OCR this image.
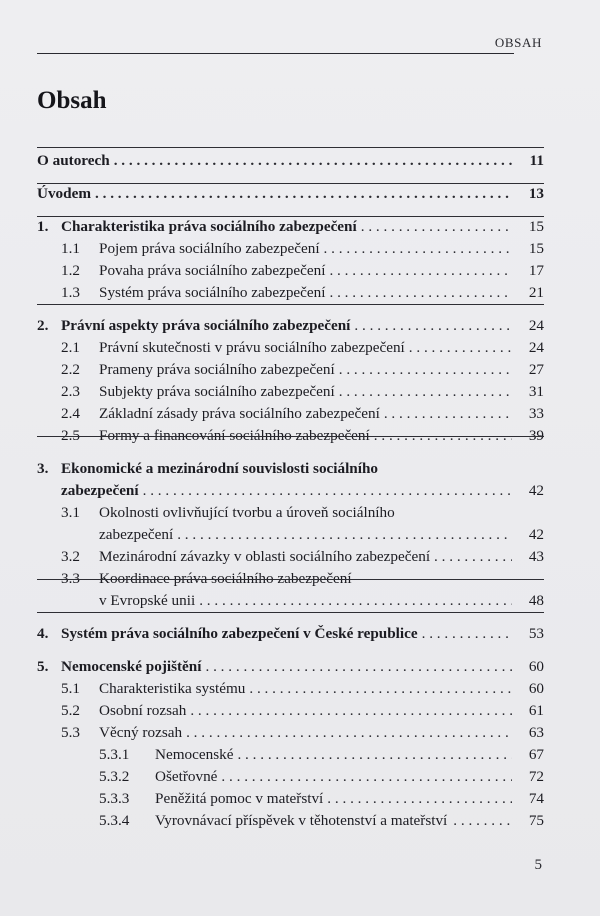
OBSAH
Obsah
O autorech . . .	11
Úvodem . . .	13
1. Charakteristika práva sociálního zabezpečení . . .	15
1.1	Pojem práva sociálního zabezpečení . . .	15
1.2	Povaha práva sociálního zabezpečení . . .	17
1.3	Systém práva sociálního zabezpečení . . .	21
2. Právní aspekty práva sociálního zabezpečení . . .	24
2.1	Právní skutečnosti v právu sociálního zabezpečení . . .	24
2.2	Prameny práva sociálního zabezpečení . . .	27
2.3	Subjekty práva sociálního zabezpečení . . .	31
2.4	Základní zásady práva sociálního zabezpečení . . .	33
2.5	Formy a financování sociálního zabezpečení . . .	39
3. Ekonomické a mezinárodní souvislosti sociálního
zabezpečení . . .	42
3.1	Okolnosti ovlivňující tvorbu a úroveň sociálního
zabezpečení . . .	42
3.2	Mezinárodní závazky v oblasti sociálního zabezpečení . . .	43
3.3	Koordinace práva sociálního zabezpečení
v Evropské unii . . .	48
4. Systém práva sociálního zabezpečení v České republice . . .	53
5. Nemocenské pojištění . . .	60
5.1	Charakteristika systému . . .	60
5.2	Osobní rozsah . . .	61
5.3	Věcný rozsah . . .	63
5.3.1	Nemocenské . . .	67
5.3.2	Ošetřovné . . .	72
5.3.3	Peněžitá pomoc v mateřství . . .	74
5.3.4	Vyrovnávací příspěvek v těhotenství a mateřství . . .	75
5
